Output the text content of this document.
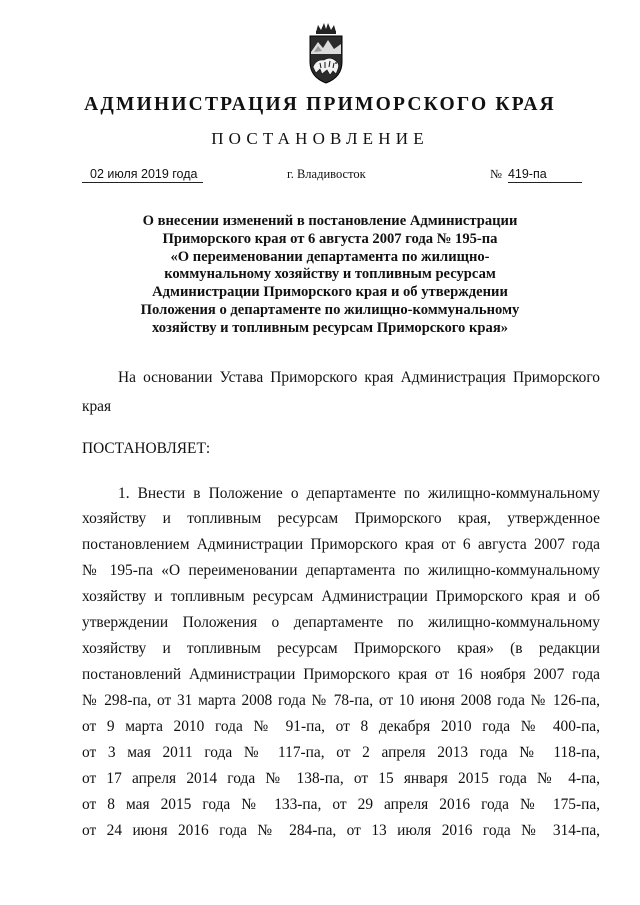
АДМИНИСТРАЦИЯ ПРИМОРСКОГО КРАЯ
ПОСТАНОВЛЕНИЕ
02 июля 2019 года	г. Владивосток	№ 419-па
О внесении изменений в постановление Администрации
Приморского края от 6 августа 2007 года № 195-па
«О переименовании департамента по жилищно-
коммунальному хозяйству и топливным ресурсам
Администрации Приморского края и об утверждении
Положения о департаменте по жилищно-коммунальному
хозяйству и топливным ресурсам Приморского края»
На основании Устава Приморского края Администрация Приморского
края
ПОСТАНОВЛЯЕТ:
1. Внести в Положение о департаменте по жилищно-коммунальному
хозяйству и топливным ресурсам Приморского края, утвержденное
постановлением Администрации Приморского края от 6 августа 2007 года
№ 195-па «О переименовании департамента по жилищно-коммунальному
хозяйству и топливным ресурсам Администрации Приморского края и об
утверждении Положения о департаменте по жилищно-коммунальному
хозяйству и топливным ресурсам Приморского края» (в редакции
постановлений Администрации Приморского края от 16 ноября 2007 года
№ 298-па, от 31 марта 2008 года № 78-па, от 10 июня 2008 года № 126-па,
от 9 марта 2010 года № 91-па, от 8 декабря 2010 года № 400-па,
от 3 мая 2011 года № 117-па, от 2 апреля 2013 года № 118-па,
от 17 апреля 2014 года № 138-па, от 15 января 2015 года № 4-па,
от 8 мая 2015 года № 133-па, от 29 апреля 2016 года № 175-па,
от 24 июня 2016 года № 284-па, от 13 июля 2016 года № 314-па,
